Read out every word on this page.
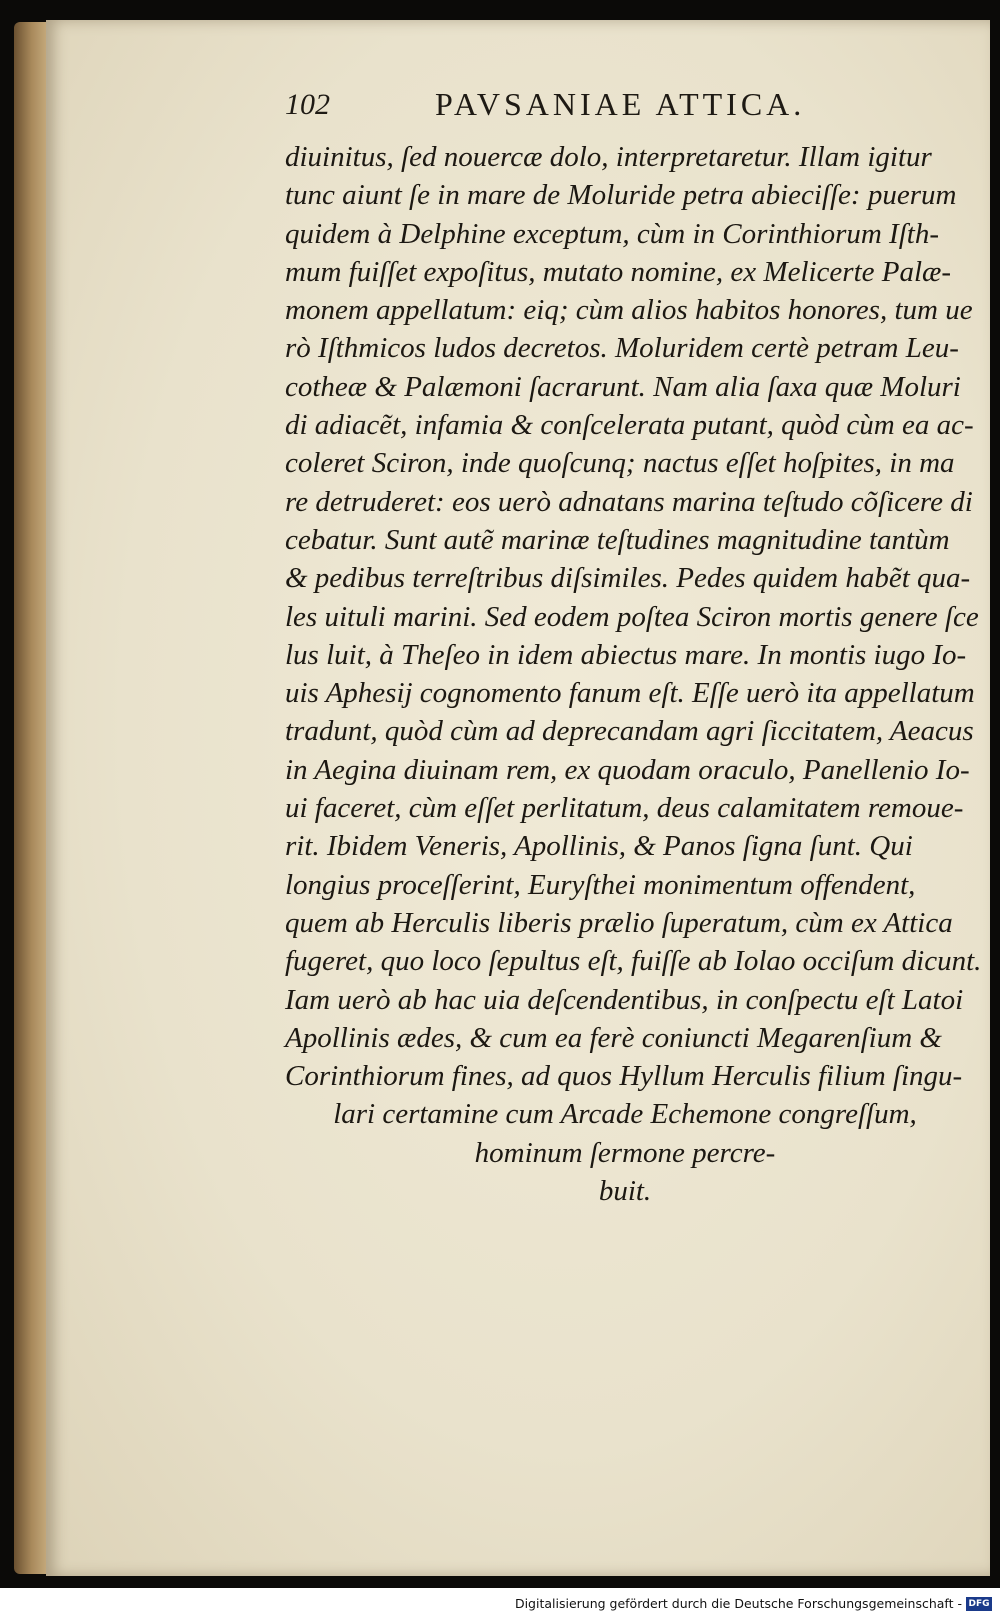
102	PAVSANIAE ATTICA.
diuinitus, ſed nouercæ dolo, interpretaretur. Illam igitur
tunc aiunt ſe in mare de Moluride petra abieciſſe: puerum
quidem à Delphine exceptum, cùm in Corinthiorum Iſth-
mum fuiſſet expoſitus, mutato nomine, ex Melicerte Palæ-
monem appellatum: eiq; cùm alios habitos honores, tum ue
rò Iſthmicos ludos decretos. Moluridem certè petram Leu-
cotheæ & Palæmoni ſacrarunt. Nam alia ſaxa quæ Moluri
di adiacẽt, infamia & conſcelerata putant, quòd cùm ea ac-
coleret Sciron, inde quoſcunq; nactus eſſet hoſpites, in ma
re detruderet: eos uerò adnatans marina teſtudo cõſicere di
cebatur. Sunt autẽ marinæ teſtudines magnitudine tantùm
& pedibus terreſtribus diſsimiles. Pedes quidem habẽt qua-
les uituli marini. Sed eodem poſtea Sciron mortis genere ſce
lus luit, à Theſeo in idem abiectus mare. In montis iugo Io-
uis Aphesij cognomento fanum eſt. Eſſe uerò ita appellatum
tradunt, quòd cùm ad deprecandam agri ſiccitatem, Aeacus
in Aegina diuinam rem, ex quodam oraculo, Panellenio Io-
ui faceret, cùm eſſet perlitatum, deus calamitatem remoue-
rit. Ibidem Veneris, Apollinis, & Panos ſigna ſunt. Qui
longius proceſſerint, Euryſthei monimentum offendent,
quem ab Herculis liberis prælio ſuperatum, cùm ex Attica
fugeret, quo loco ſepultus eſt, fuiſſe ab Iolao occiſum dicunt.
Iam uerò ab hac uia deſcendentibus, in conſpectu eſt Latoi
Apollinis ædes, & cum ea ferè coniuncti Megarenſium &
Corinthiorum fines, ad quos Hyllum Herculis filium ſingu-
lari certamine cum Arcade Echemone congreſſum,
hominum ſermone percre-
buit.
Digitalisierung gefördert durch die Deutsche Forschungsgemeinschaft - DFG
